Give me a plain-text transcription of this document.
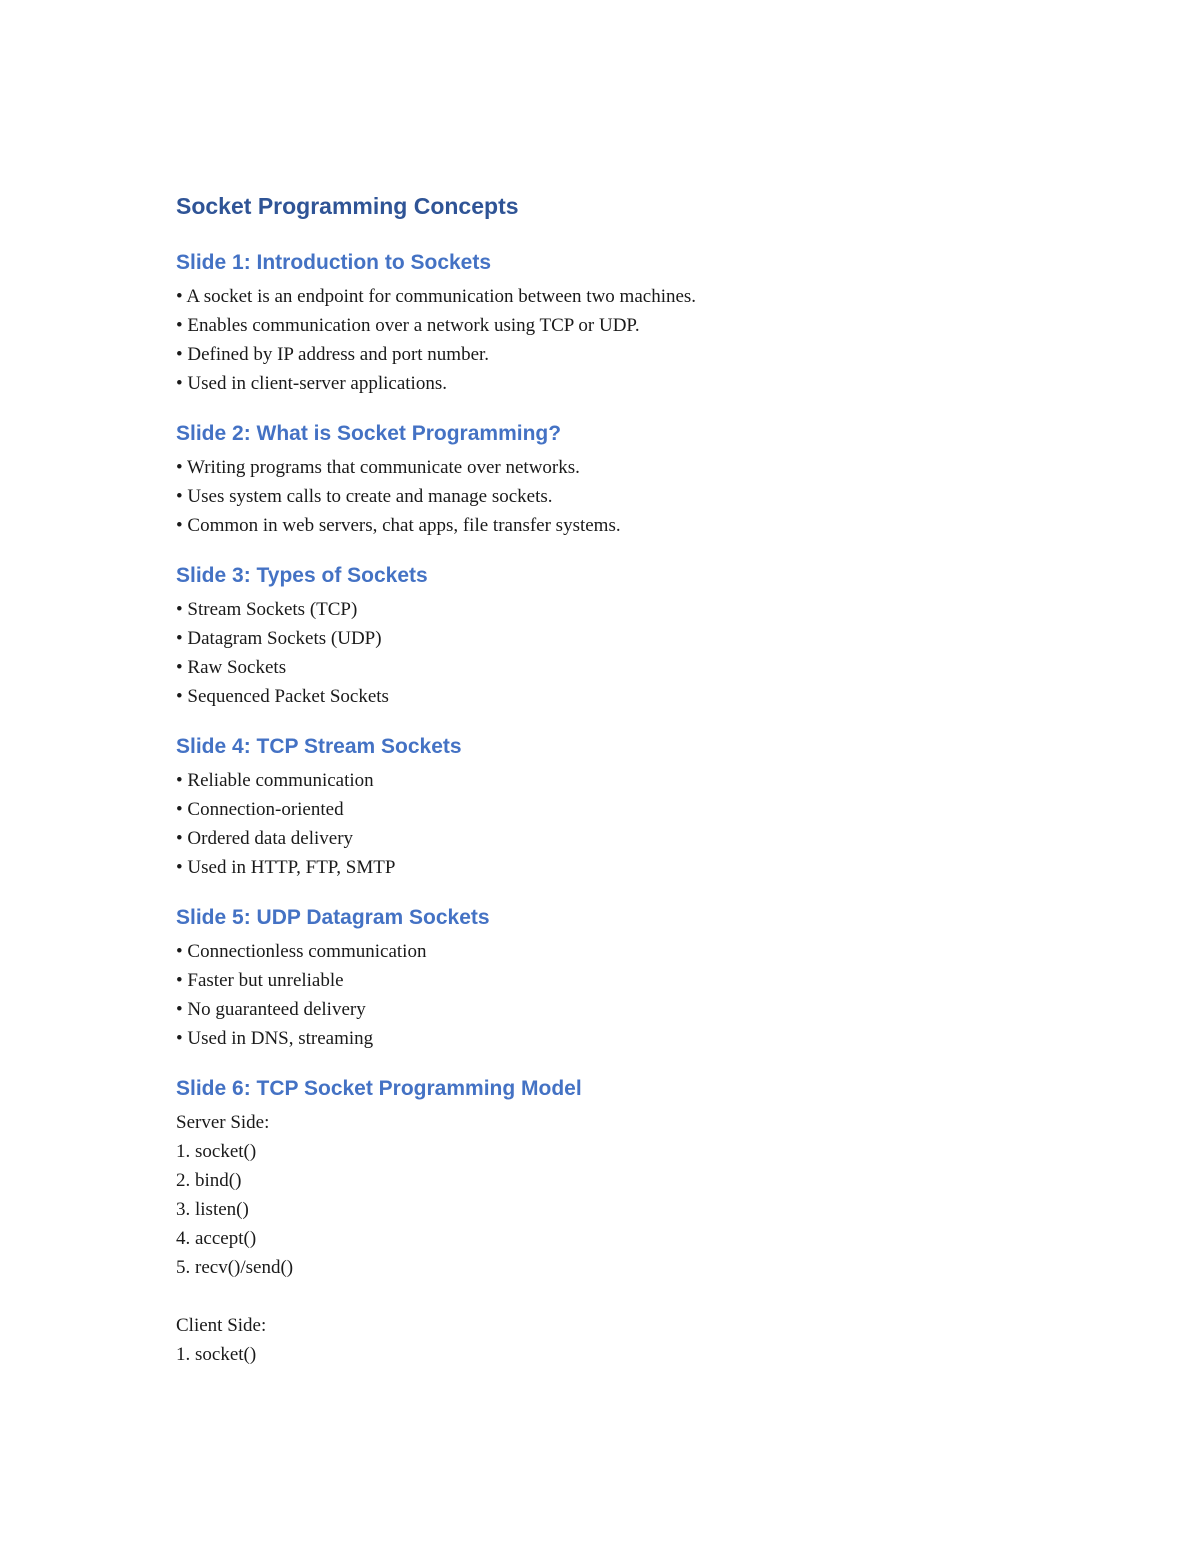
Socket Programming Concepts
Slide 1: Introduction to Sockets
• A socket is an endpoint for communication between two machines.
• Enables communication over a network using TCP or UDP.
• Defined by IP address and port number.
• Used in client-server applications.
Slide 2: What is Socket Programming?
• Writing programs that communicate over networks.
• Uses system calls to create and manage sockets.
• Common in web servers, chat apps, file transfer systems.
Slide 3: Types of Sockets
• Stream Sockets (TCP)
• Datagram Sockets (UDP)
• Raw Sockets
• Sequenced Packet Sockets
Slide 4: TCP Stream Sockets
• Reliable communication
• Connection-oriented
• Ordered data delivery
• Used in HTTP, FTP, SMTP
Slide 5: UDP Datagram Sockets
• Connectionless communication
• Faster but unreliable
• No guaranteed delivery
• Used in DNS, streaming
Slide 6: TCP Socket Programming Model
Server Side:
1. socket()
2. bind()
3. listen()
4. accept()
5. recv()/send()
Client Side:
1. socket()
